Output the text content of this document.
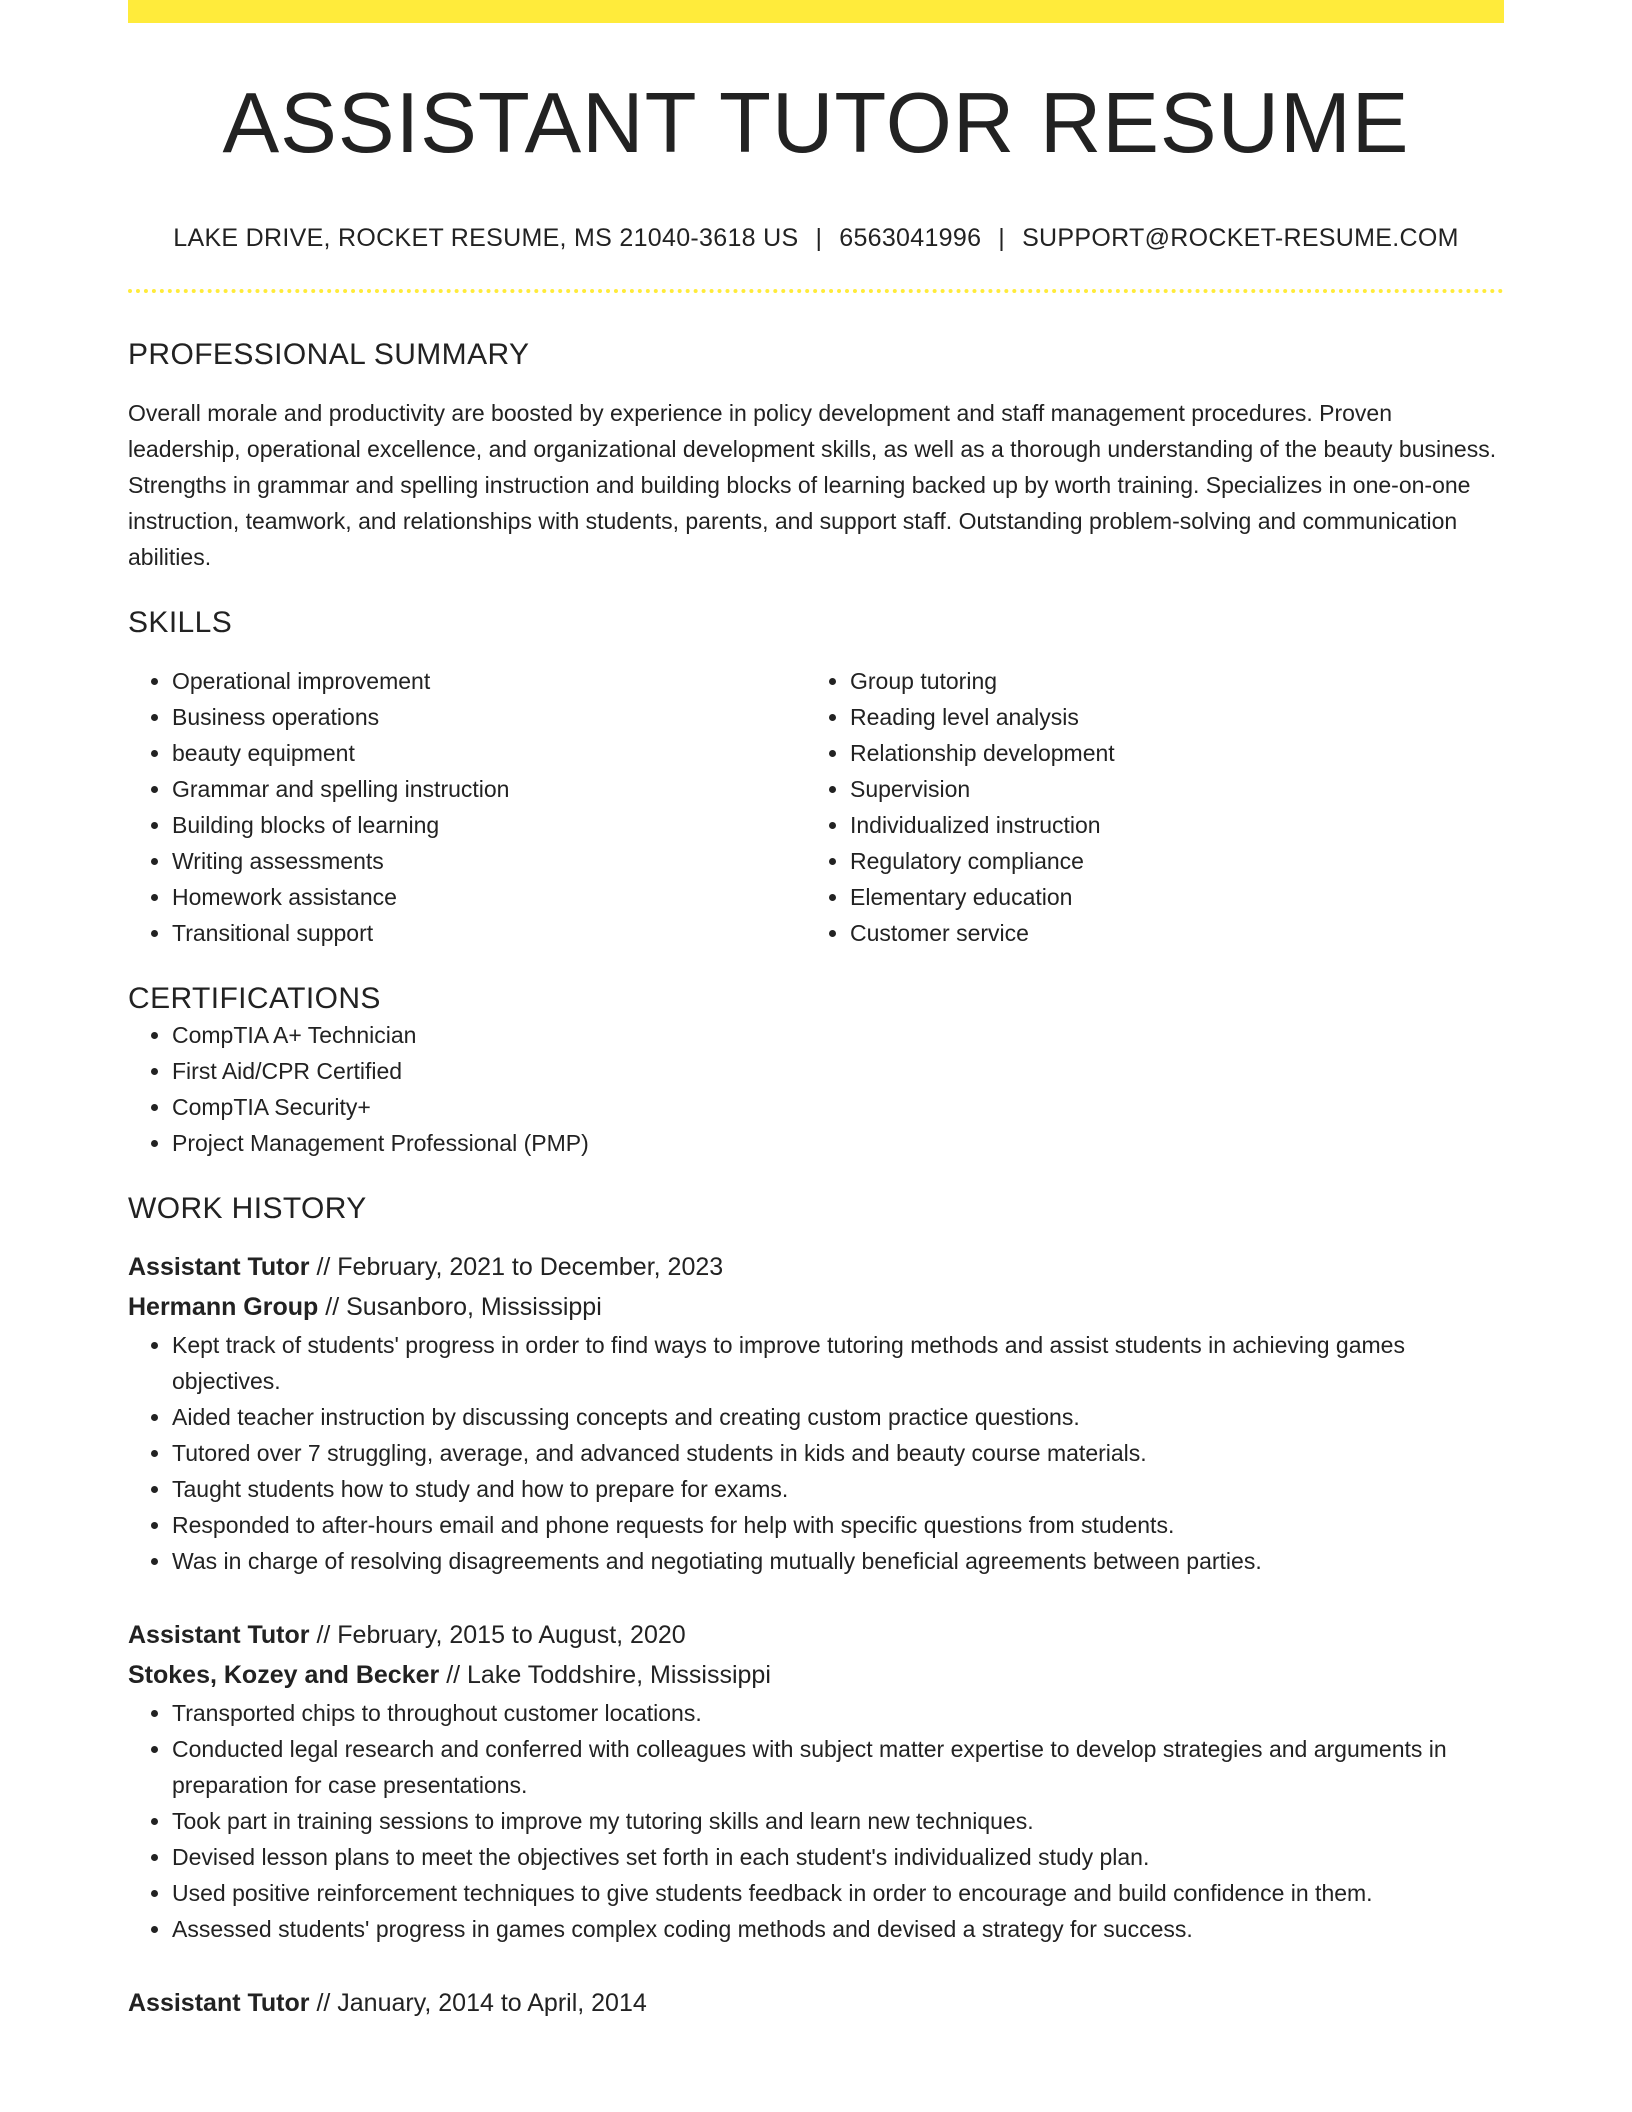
ASSISTANT TUTOR RESUME
LAKE DRIVE, ROCKET RESUME, MS 21040-3618 US | 6563041996 | SUPPORT@ROCKET-RESUME.COM
PROFESSIONAL SUMMARY

Overall morale and productivity are boosted by experience in policy development and staff management procedures. Proven leadership, operational excellence, and organizational development skills, as well as a thorough understanding of the beauty business. Strengths in grammar and spelling instruction and building blocks of learning backed up by worth training. Specializes in one-on-one instruction, teamwork, and relationships with students, parents, and support staff. Outstanding problem-solving and communication abilities.

SKILLS
• Operational improvement
• Business operations
• beauty equipment
• Grammar and spelling instruction
• Building blocks of learning
• Writing assessments
• Homework assistance
• Transitional support
• Group tutoring
• Reading level analysis
• Relationship development
• Supervision
• Individualized instruction
• Regulatory compliance
• Elementary education
• Customer service
CERTIFICATIONS
• CompTIA A+ Technician
• First Aid/CPR Certified
• CompTIA Security+
• Project Management Professional (PMP)
WORK HISTORY
Assistant Tutor // February, 2021 to December, 2023
Hermann Group // Susanboro, Mississippi
• Kept track of students' progress in order to find ways to improve tutoring methods and assist students in achieving games objectives.
• Aided teacher instruction by discussing concepts and creating custom practice questions.
• Tutored over 7 struggling, average, and advanced students in kids and beauty course materials.
• Taught students how to study and how to prepare for exams.
• Responded to after-hours email and phone requests for help with specific questions from students.
• Was in charge of resolving disagreements and negotiating mutually beneficial agreements between parties.
Assistant Tutor // February, 2015 to August, 2020
Stokes, Kozey and Becker // Lake Toddshire, Mississippi
• Transported chips to throughout customer locations.
• Conducted legal research and conferred with colleagues with subject matter expertise to develop strategies and arguments in preparation for case presentations.
• Took part in training sessions to improve my tutoring skills and learn new techniques.
• Devised lesson plans to meet the objectives set forth in each student's individualized study plan.
• Used positive reinforcement techniques to give students feedback in order to encourage and build confidence in them.
• Assessed students' progress in games complex coding methods and devised a strategy for success.
Assistant Tutor // January, 2014 to April, 2014
